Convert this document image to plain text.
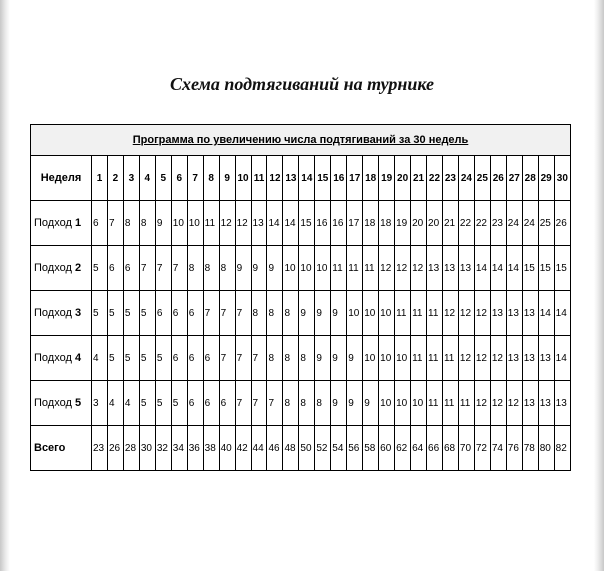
Схема подтягиваний на турнике
Программа по увеличению числа подтягиваний за 30 недель																														
Неделя	1	2	3	4	5	6	7	8	9	10	11	12	13	14	15	16	17	18	19	20	21	22	23	24	25	26	27	28	29	30
Подход 1	6	7	8	8	9	10	10	11	12	12	13	14	14	15	16	16	17	18	18	19	20	20	21	22	22	23	24	24	25	26
Подход 2	5	6	6	7	7	7	8	8	8	9	9	9	10	10	10	11	11	11	12	12	12	13	13	13	14	14	14	15	15	15
Подход 3	5	5	5	5	6	6	6	7	7	7	8	8	8	9	9	9	10	10	10	11	11	11	12	12	12	13	13	13	14	14
Подход 4	4	5	5	5	5	6	6	6	7	7	7	8	8	8	9	9	9	10	10	10	11	11	11	12	12	12	13	13	13	14
Подход 5	3	4	4	5	5	5	6	6	6	7	7	7	8	8	8	9	9	9	10	10	10	11	11	11	12	12	12	13	13	13
Всего	23	26	28	30	32	34	36	38	40	42	44	46	48	50	52	54	56	58	60	62	64	66	68	70	72	74	76	78	80	82
